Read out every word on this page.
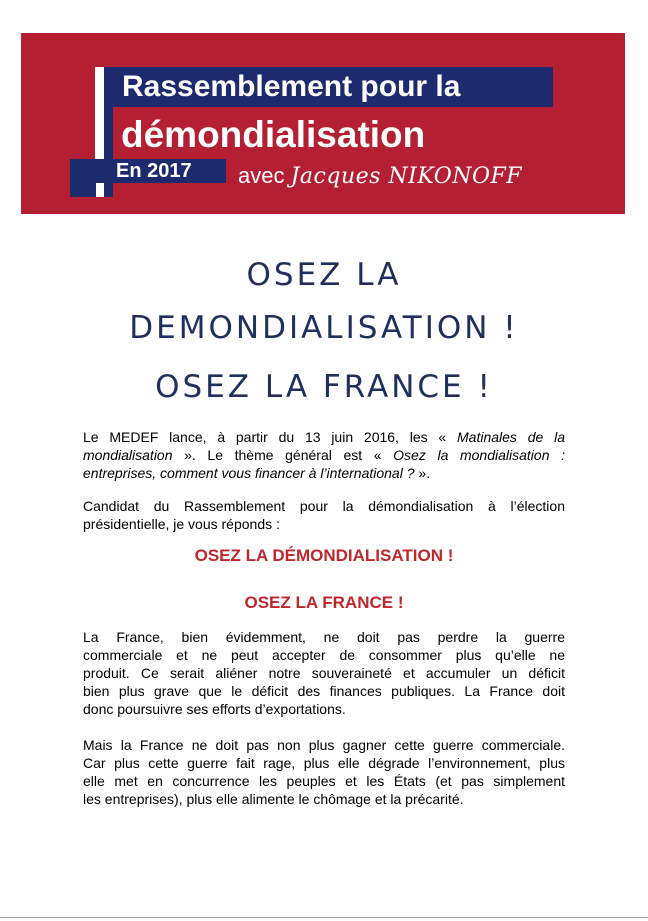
Rassemblement pour la
démondialisation
En 2017	avec Jacques NIKONOFF
OSEZ LA
DEMONDIALISATION !
OSEZ LA FRANCE !
Le MEDEF lance, à partir du 13 juin 2016, les « Matinales de la
mondialisation ». Le thème général est « Osez la mondialisation :
entreprises, comment vous financer à l’international ? ».
Candidat du Rassemblement pour la démondialisation à l’élection
présidentielle, je vous réponds :
OSEZ LA DÉMONDIALISATION !
OSEZ LA FRANCE !
La France, bien évidemment, ne doit pas perdre la guerre
commerciale et ne peut accepter de consommer plus qu’elle ne
produit. Ce serait aliéner notre souveraineté et accumuler un déficit
bien plus grave que le déficit des finances publiques. La France doit
donc poursuivre ses efforts d’exportations.
Mais la France ne doit pas non plus gagner cette guerre commerciale.
Car plus cette guerre fait rage, plus elle dégrade l’environnement, plus
elle met en concurrence les peuples et les États (et pas simplement
les entreprises), plus elle alimente le chômage et la précarité.
